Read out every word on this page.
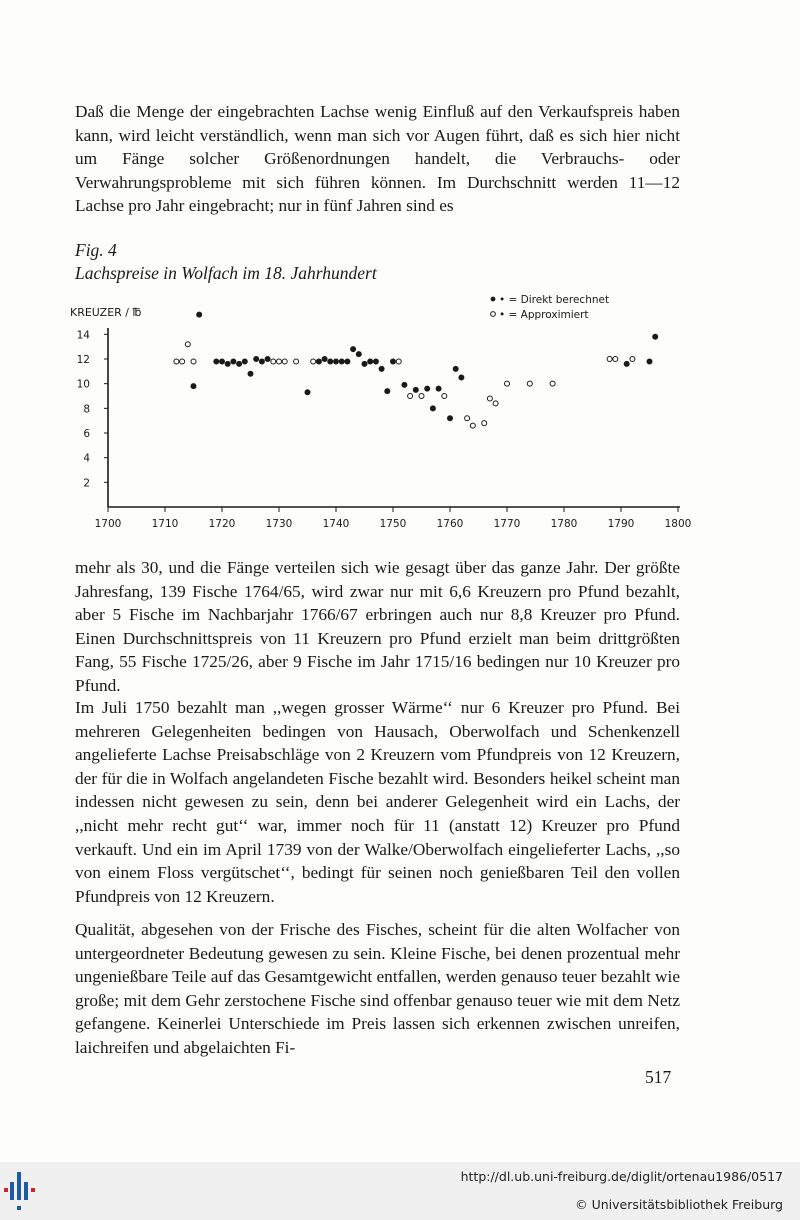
Daß die Menge der eingebrachten Lachse wenig Einfluß auf den Verkaufspreis haben kann, wird leicht verständlich, wenn man sich vor Augen führt, daß es sich hier nicht um Fänge solcher Größenordnungen handelt, die Verbrauchs- oder Verwahrungsprobleme mit sich führen können. Im Durchschnitt werden 11—12 Lachse pro Jahr eingebracht; nur in fünf Jahren sind es

Fig. 4

Lachspreise in Wolfach im 18. Jahrhundert

KREUZER / ℔
• = Direkt berechnet
• = Approximiert
2
4
6
8
10
12
14
1700	1710	1720	1730	1740	1750	1760	1770	1780	1790	1800

mehr als 30, und die Fänge verteilen sich wie gesagt über das ganze Jahr. Der größte Jahresfang, 139 Fische 1764/65, wird zwar nur mit 6,6 Kreuzern pro Pfund bezahlt, aber 5 Fische im Nachbarjahr 1766/67 erbringen auch nur 8,8 Kreuzer pro Pfund. Einen Durchschnittspreis von 11 Kreuzern pro Pfund erzielt man beim drittgrößten Fang, 55 Fische 1725/26, aber 9 Fische im Jahr 1715/16 bedingen nur 10 Kreuzer pro Pfund.

Im Juli 1750 bezahlt man ,,wegen grosser Wärme‘‘ nur 6 Kreuzer pro Pfund. Bei mehreren Gelegenheiten bedingen von Hausach, Oberwolfach und Schenkenzell angelieferte Lachse Preisabschläge von 2 Kreuzern vom Pfundpreis von 12 Kreuzern, der für die in Wolfach angelandeten Fische bezahlt wird. Besonders heikel scheint man indessen nicht gewesen zu sein, denn bei anderer Gelegenheit wird ein Lachs, der ,,nicht mehr recht gut‘‘ war, immer noch für 11 (anstatt 12) Kreuzer pro Pfund verkauft. Und ein im April 1739 von der Walke/Oberwolfach eingelieferter Lachs, ,,so von einem Floss vergütschet‘‘, bedingt für seinen noch genießbaren Teil den vollen Pfundpreis von 12 Kreuzern.

Qualität, abgesehen von der Frische des Fisches, scheint für die alten Wolfacher von untergeordneter Bedeutung gewesen zu sein. Kleine Fische, bei denen prozentual mehr ungenießbare Teile auf das Gesamtgewicht entfallen, werden genauso teuer bezahlt wie große; mit dem Gehr zerstochene Fische sind offenbar genauso teuer wie mit dem Netz gefangene. Keinerlei Unterschiede im Preis lassen sich erkennen zwischen unreifen, laichreifen und abgelaichten Fi-

517
http://dl.ub.uni-freiburg.de/diglit/ortenau1986/0517
© Universitätsbibliothek Freiburg
